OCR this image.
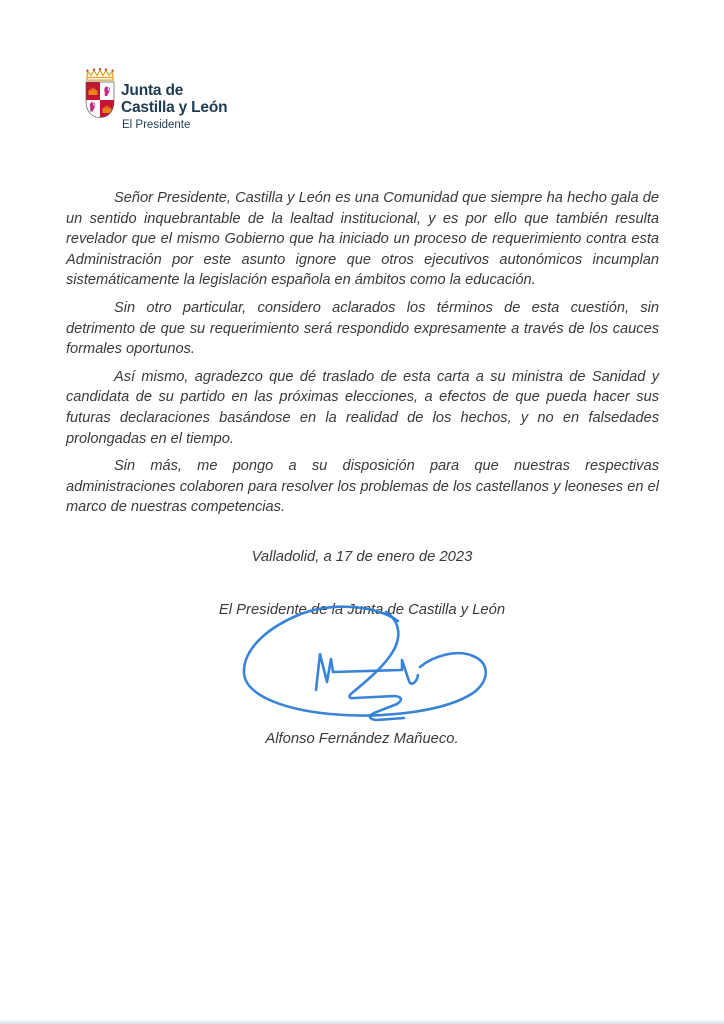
Junta de
Castilla y León
El Presidente

Señor Presidente, Castilla y León es una Comunidad que siempre ha hecho gala de un sentido inquebrantable de la lealtad institucional, y es por ello que también resulta revelador que el mismo Gobierno que ha iniciado un proceso de requerimiento contra esta Administración por este asunto ignore que otros ejecutivos autonómicos incumplan sistemáticamente la legislación española en ámbitos como la educación.

Sin otro particular, considero aclarados los términos de esta cuestión, sin detrimento de que su requerimiento será respondido expresamente a través de los cauces formales oportunos.

Así mismo, agradezco que dé traslado de esta carta a su ministra de Sanidad y candidata de su partido en las próximas elecciones, a efectos de que pueda hacer sus futuras declaraciones basándose en la realidad de los hechos, y no en falsedades prolongadas en el tiempo.

Sin más, me pongo a su disposición para que nuestras respectivas administraciones colaboren para resolver los problemas de los castellanos y leoneses en el marco de nuestras competencias.

Valladolid, a 17 de enero de 2023
El Presidente de la Junta de Castilla y León
Alfonso Fernández Mañueco.
